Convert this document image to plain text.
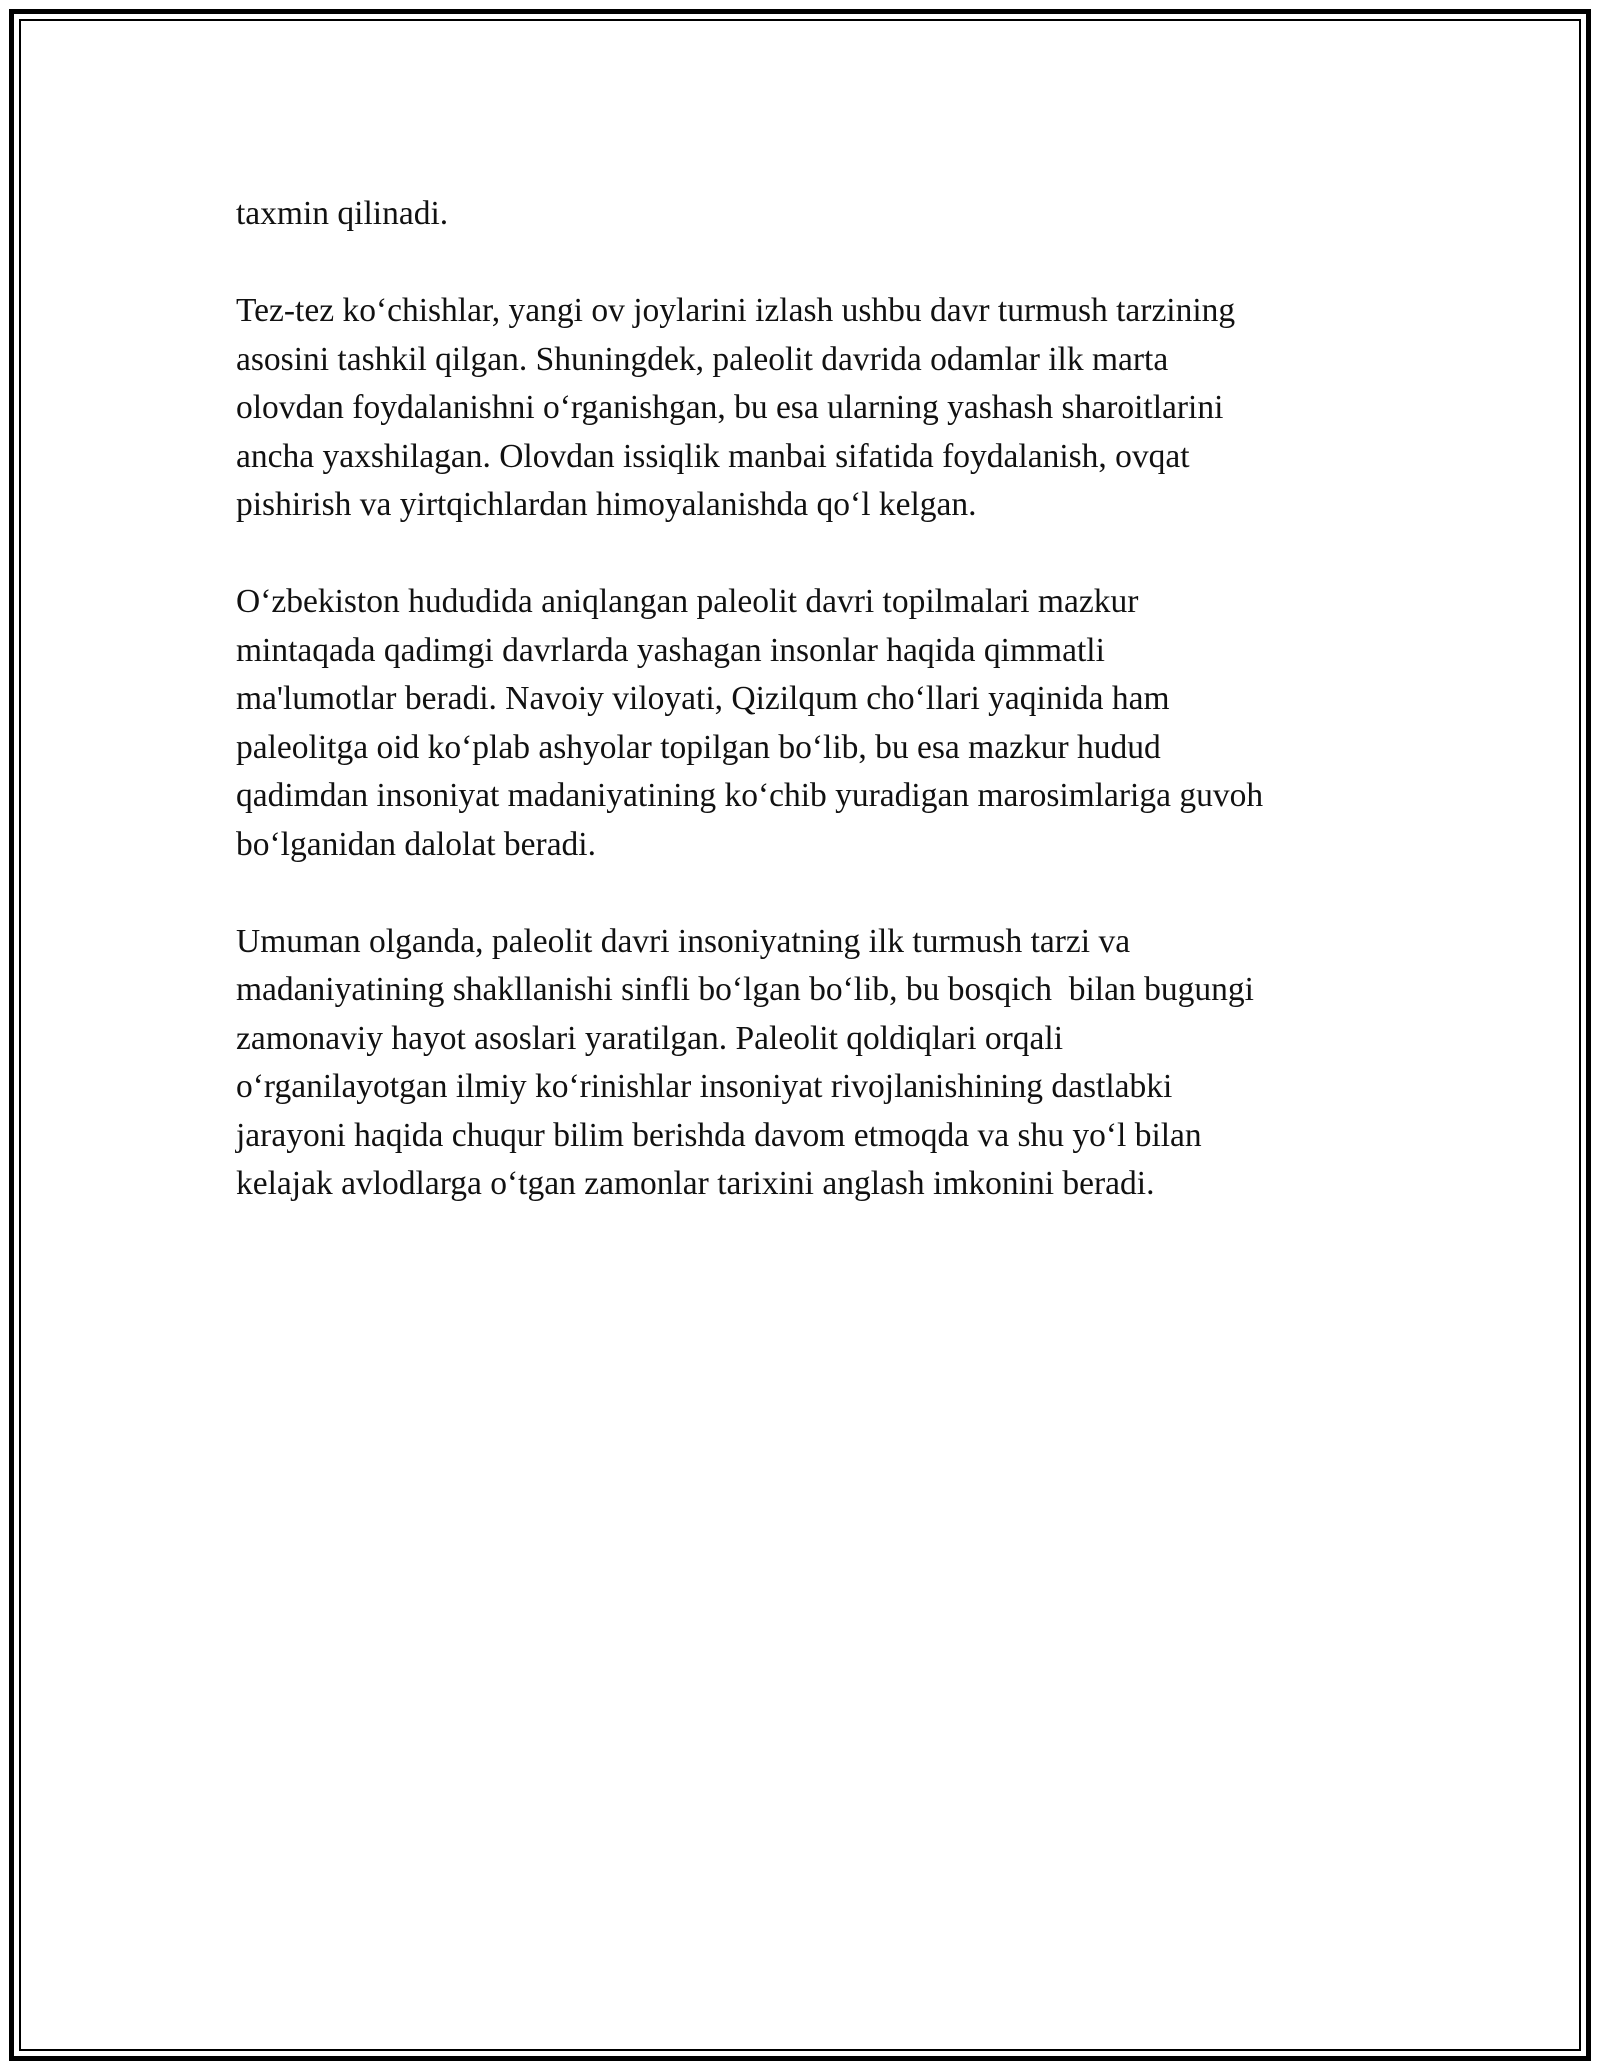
taxmin qilinadi.
Tez-tez ko‘chishlar, yangi ov joylarini izlash ushbu davr turmush tarzining
asosini tashkil qilgan. Shuningdek, paleolit davrida odamlar ilk marta
olovdan foydalanishni o‘rganishgan, bu esa ularning yashash sharoitlarini
ancha yaxshilagan. Olovdan issiqlik manbai sifatida foydalanish, ovqat
pishirish va yirtqichlardan himoyalanishda qo‘l kelgan.
O‘zbekiston hududida aniqlangan paleolit davri topilmalari mazkur
mintaqada qadimgi davrlarda yashagan insonlar haqida qimmatli
ma'lumotlar beradi. Navoiy viloyati, Qizilqum cho‘llari yaqinida ham
paleolitga oid ko‘plab ashyolar topilgan bo‘lib, bu esa mazkur hudud
qadimdan insoniyat madaniyatining ko‘chib yuradigan marosimlariga guvoh
bo‘lganidan dalolat beradi.
Umuman olganda, paleolit davri insoniyatning ilk turmush tarzi va
madaniyatining shakllanishi sinfli bo‘lgan bo‘lib, bu bosqich  bilan bugungi
zamonaviy hayot asoslari yaratilgan. Paleolit qoldiqlari orqali
o‘rganilayotgan ilmiy ko‘rinishlar insoniyat rivojlanishining dastlabki
jarayoni haqida chuqur bilim berishda davom etmoqda va shu yo‘l bilan
kelajak avlodlarga o‘tgan zamonlar tarixini anglash imkonini beradi.
